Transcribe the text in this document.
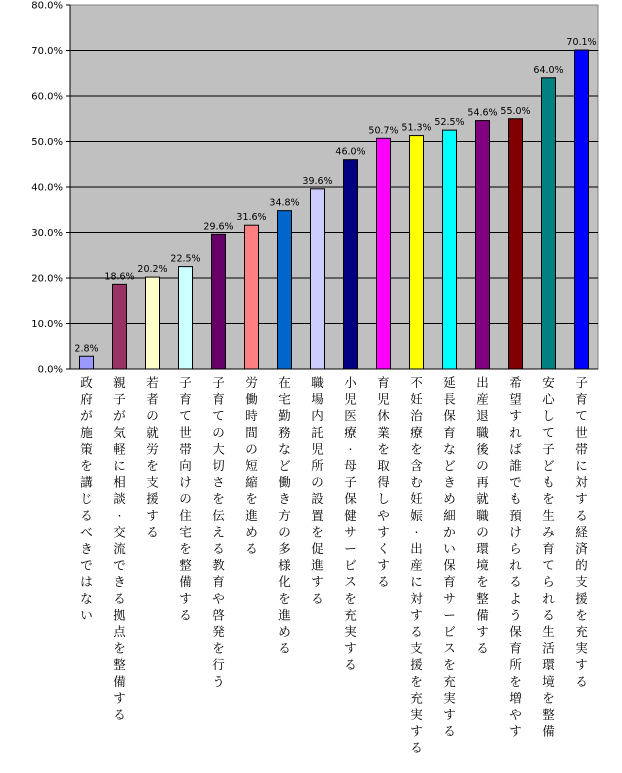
0.0%
10.0%
20.0%
30.0%
40.0%
50.0%
60.0%
70.0%
80.0%
2.8%
18.6%
20.2%
22.5%
29.6%
31.6%
34.8%
39.6%
46.0%
50.7% 51.3% 52.5%
54.6% 55.0%
64.0%
70.1%
政府が施策を講じるべきではない
親子が気軽に相談·交流できる拠点を整備する
若者の就労を支援する
子育て世帯向けの住宅を整備する
子育ての大切さを伝える教育や啓発を行う
労働時間の短縮を進める
在宅勤務など働き方の多様化を進める
職場内託児所の設置を促進する
小児医療·母子保健サービスを充実する
育児休業を取得しやすくする
不妊治療を含む妊娠·出産に対する支援を充実する
延長保育などきめ細かい保育サービスを充実する
出産退職後の再就職の環境を整備する
希望すれば誰でも預けられるよう保育所を増やす
安心して子どもを生み育てられる生活環境を整備
子育て世帯に対する経済的支援を充実する
